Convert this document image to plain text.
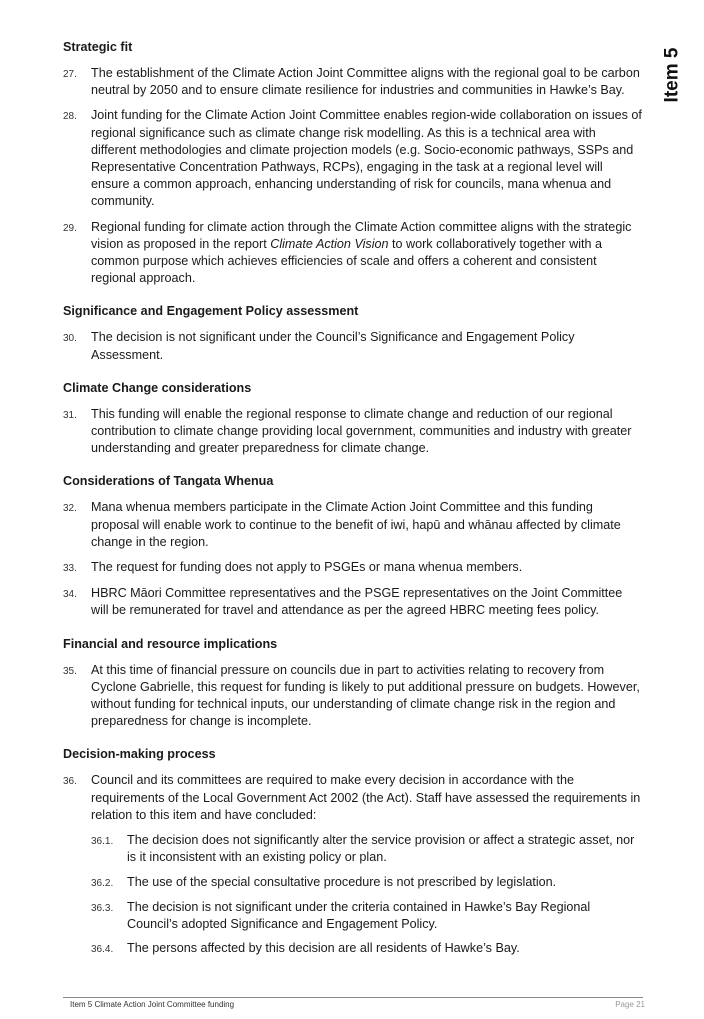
Item 5
Strategic fit
27.	The establishment of the Climate Action Joint Committee aligns with the regional goal to be carbon neutral by 2050 and to ensure climate resilience for industries and communities in Hawke’s Bay.
28.	Joint funding for the Climate Action Joint Committee enables region-wide collaboration on issues of regional significance such as climate change risk modelling. As this is a technical area with different methodologies and climate projection models (e.g. Socio-economic pathways, SSPs and Representative Concentration Pathways, RCPs), engaging in the task at a regional level will ensure a common approach, enhancing understanding of risk for councils, mana whenua and community.
29.	Regional funding for climate action through the Climate Action committee aligns with the strategic vision as proposed in the report Climate Action Vision to work collaboratively together with a common purpose which achieves efficiencies of scale and offers a coherent and consistent regional approach.
Significance and Engagement Policy assessment
30.	The decision is not significant under the Council’s Significance and Engagement Policy Assessment.
Climate Change considerations
31.	This funding will enable the regional response to climate change and reduction of our regional contribution to climate change providing local government, communities and industry with greater understanding and greater preparedness for climate change.
Considerations of Tangata Whenua
32.	Mana whenua members participate in the Climate Action Joint Committee and this funding proposal will enable work to continue to the benefit of iwi, hapū and whānau affected by climate change in the region.
33.	The request for funding does not apply to PSGEs or mana whenua members.
34.	HBRC Māori Committee representatives and the PSGE representatives on the Joint Committee will be remunerated for travel and attendance as per the agreed HBRC meeting fees policy.
Financial and resource implications
35.	At this time of financial pressure on councils due in part to activities relating to recovery from Cyclone Gabrielle, this request for funding is likely to put additional pressure on budgets. However, without funding for technical inputs, our understanding of climate change risk in the region and preparedness for change is incomplete.
Decision-making process
36.	Council and its committees are required to make every decision in accordance with the requirements of the Local Government Act 2002 (the Act). Staff have assessed the requirements in relation to this item and have concluded:
36.1.	The decision does not significantly alter the service provision or affect a strategic asset, nor is it inconsistent with an existing policy or plan.
36.2.	The use of the special consultative procedure is not prescribed by legislation.
36.3.	The decision is not significant under the criteria contained in Hawke’s Bay Regional Council’s adopted Significance and Engagement Policy.
36.4.	The persons affected by this decision are all residents of Hawke’s Bay.
Item 5 Climate Action Joint Committee funding	Page 21
